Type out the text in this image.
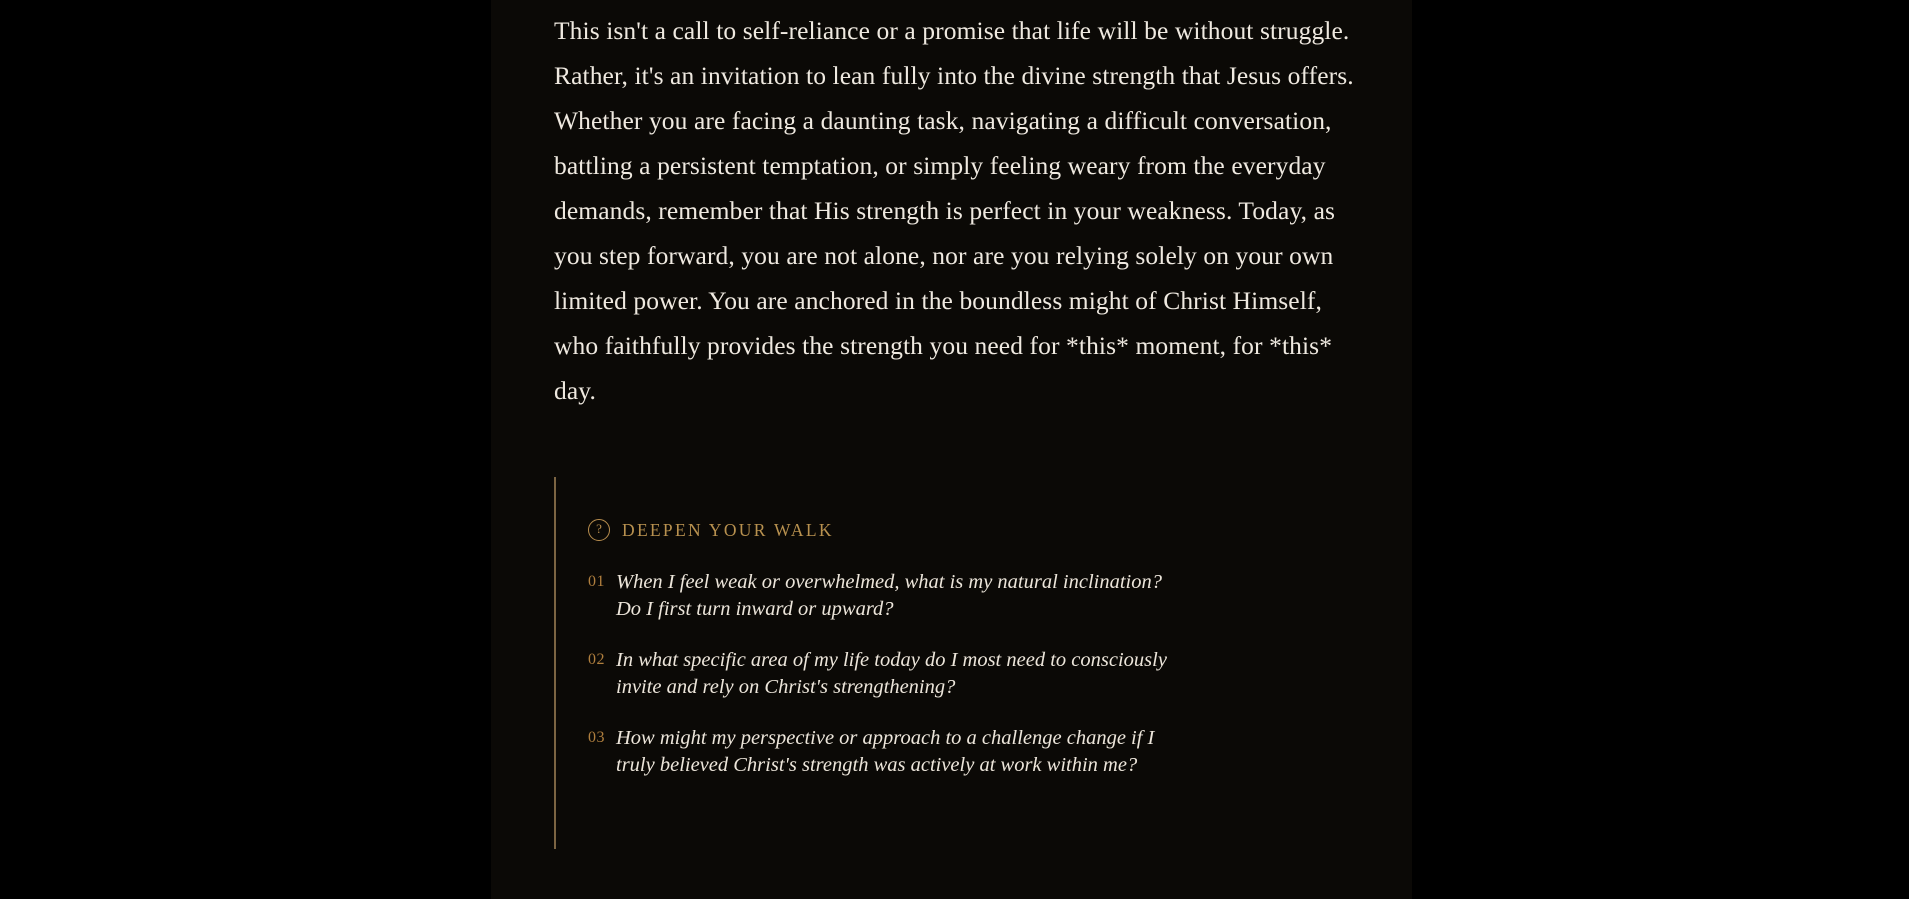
This isn't a call to self-reliance or a promise that life will be without struggle. Rather, it's an invitation to lean fully into the divine strength that Jesus offers. Whether you are facing a daunting task, navigating a difficult conversation, battling a persistent temptation, or simply feeling weary from the everyday demands, remember that His strength is perfect in your weakness. Today, as you step forward, you are not alone, nor are you relying solely on your own limited power. You are anchored in the boundless might of Christ Himself, who faithfully provides the strength you need for *this* moment, for *this* day.

?	DEEPEN YOUR WALK
01 When I feel weak or overwhelmed, what is my natural inclination? Do I first turn inward or upward?
02 In what specific area of my life today do I most need to consciously invite and rely on Christ's strengthening?
03 How might my perspective or approach to a challenge change if I truly believed Christ's strength was actively at work within me?
